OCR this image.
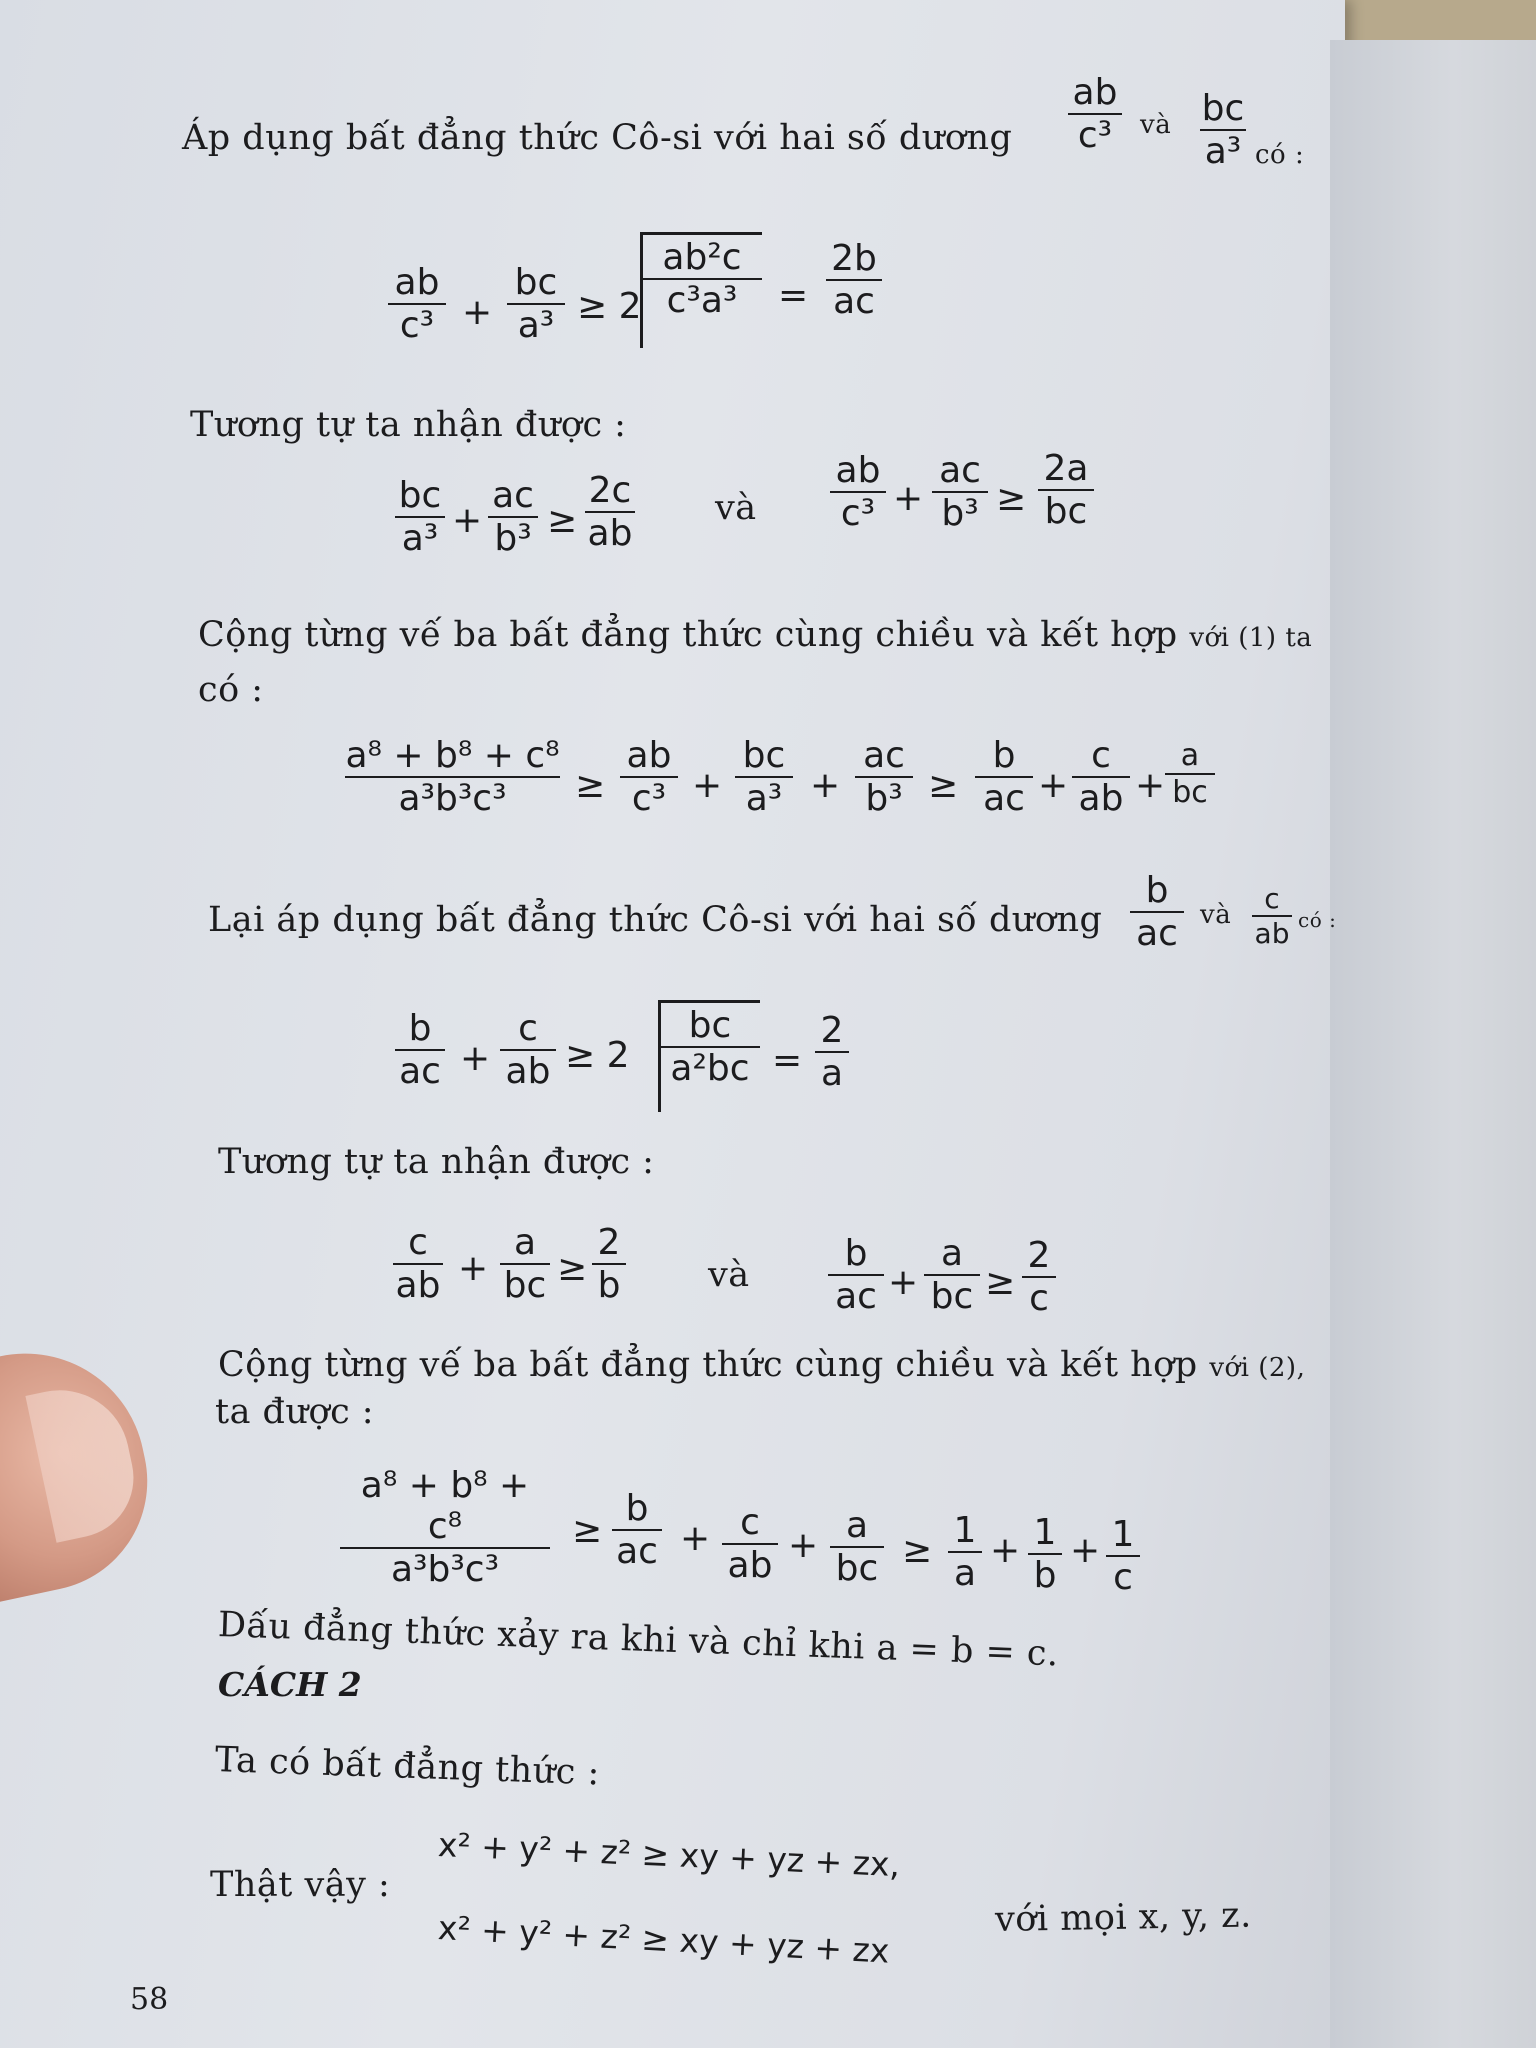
Áp dụng bất đẳng thức Cô-si với hai số dương
ab
c³	và bc
a³ có :
ab
c³ +
bc
a³ ≥ 2
ab²c
c³a³	=
2b
ac
Tương tự ta nhận được :
bc
a³ +
ac
b³ ≥
2c
ab
và
ab
c³ +
ac
b³ ≥
2a
bc
Cộng từng vế ba bất đẳng thức cùng chiều và kết hợp với (1) ta
có :
a⁸ + b⁸ + c⁸
a³b³c³	≥
ab
c³ +
bc
a³ +
ac
b³ ≥
b
ac +
c
ab +
a
bc
Lại áp dụng bất đẳng thức Cô-si với hai số dương
b
ac và	c
ab có :
b
ac +
c
ab ≥ 2
bc
a²bc =
2
a
Tương tự ta nhận được :
c
ab +
a
bc ≥
2
b	và
b
ac +
a
bc ≥
2
c
Cộng từng vế ba bất đẳng thức cùng chiều và kết hợp với (2),
ta được :
a⁸ + b⁸ + c⁸
a³b³c³
≥
b
ac + c
ab + a
bc ≥ 1
a
+ 1
b
+ 1
c
Dấu đẳng thức xảy ra khi và chỉ khi a = b = c.
CÁCH 2
Ta có bất đẳng thức :
x² + y² + z² ≥ xy + yz + zx,
với mọi x, y, z.
Thật vậy :
x² + y² + z² ≥ xy + yz + zx
58
